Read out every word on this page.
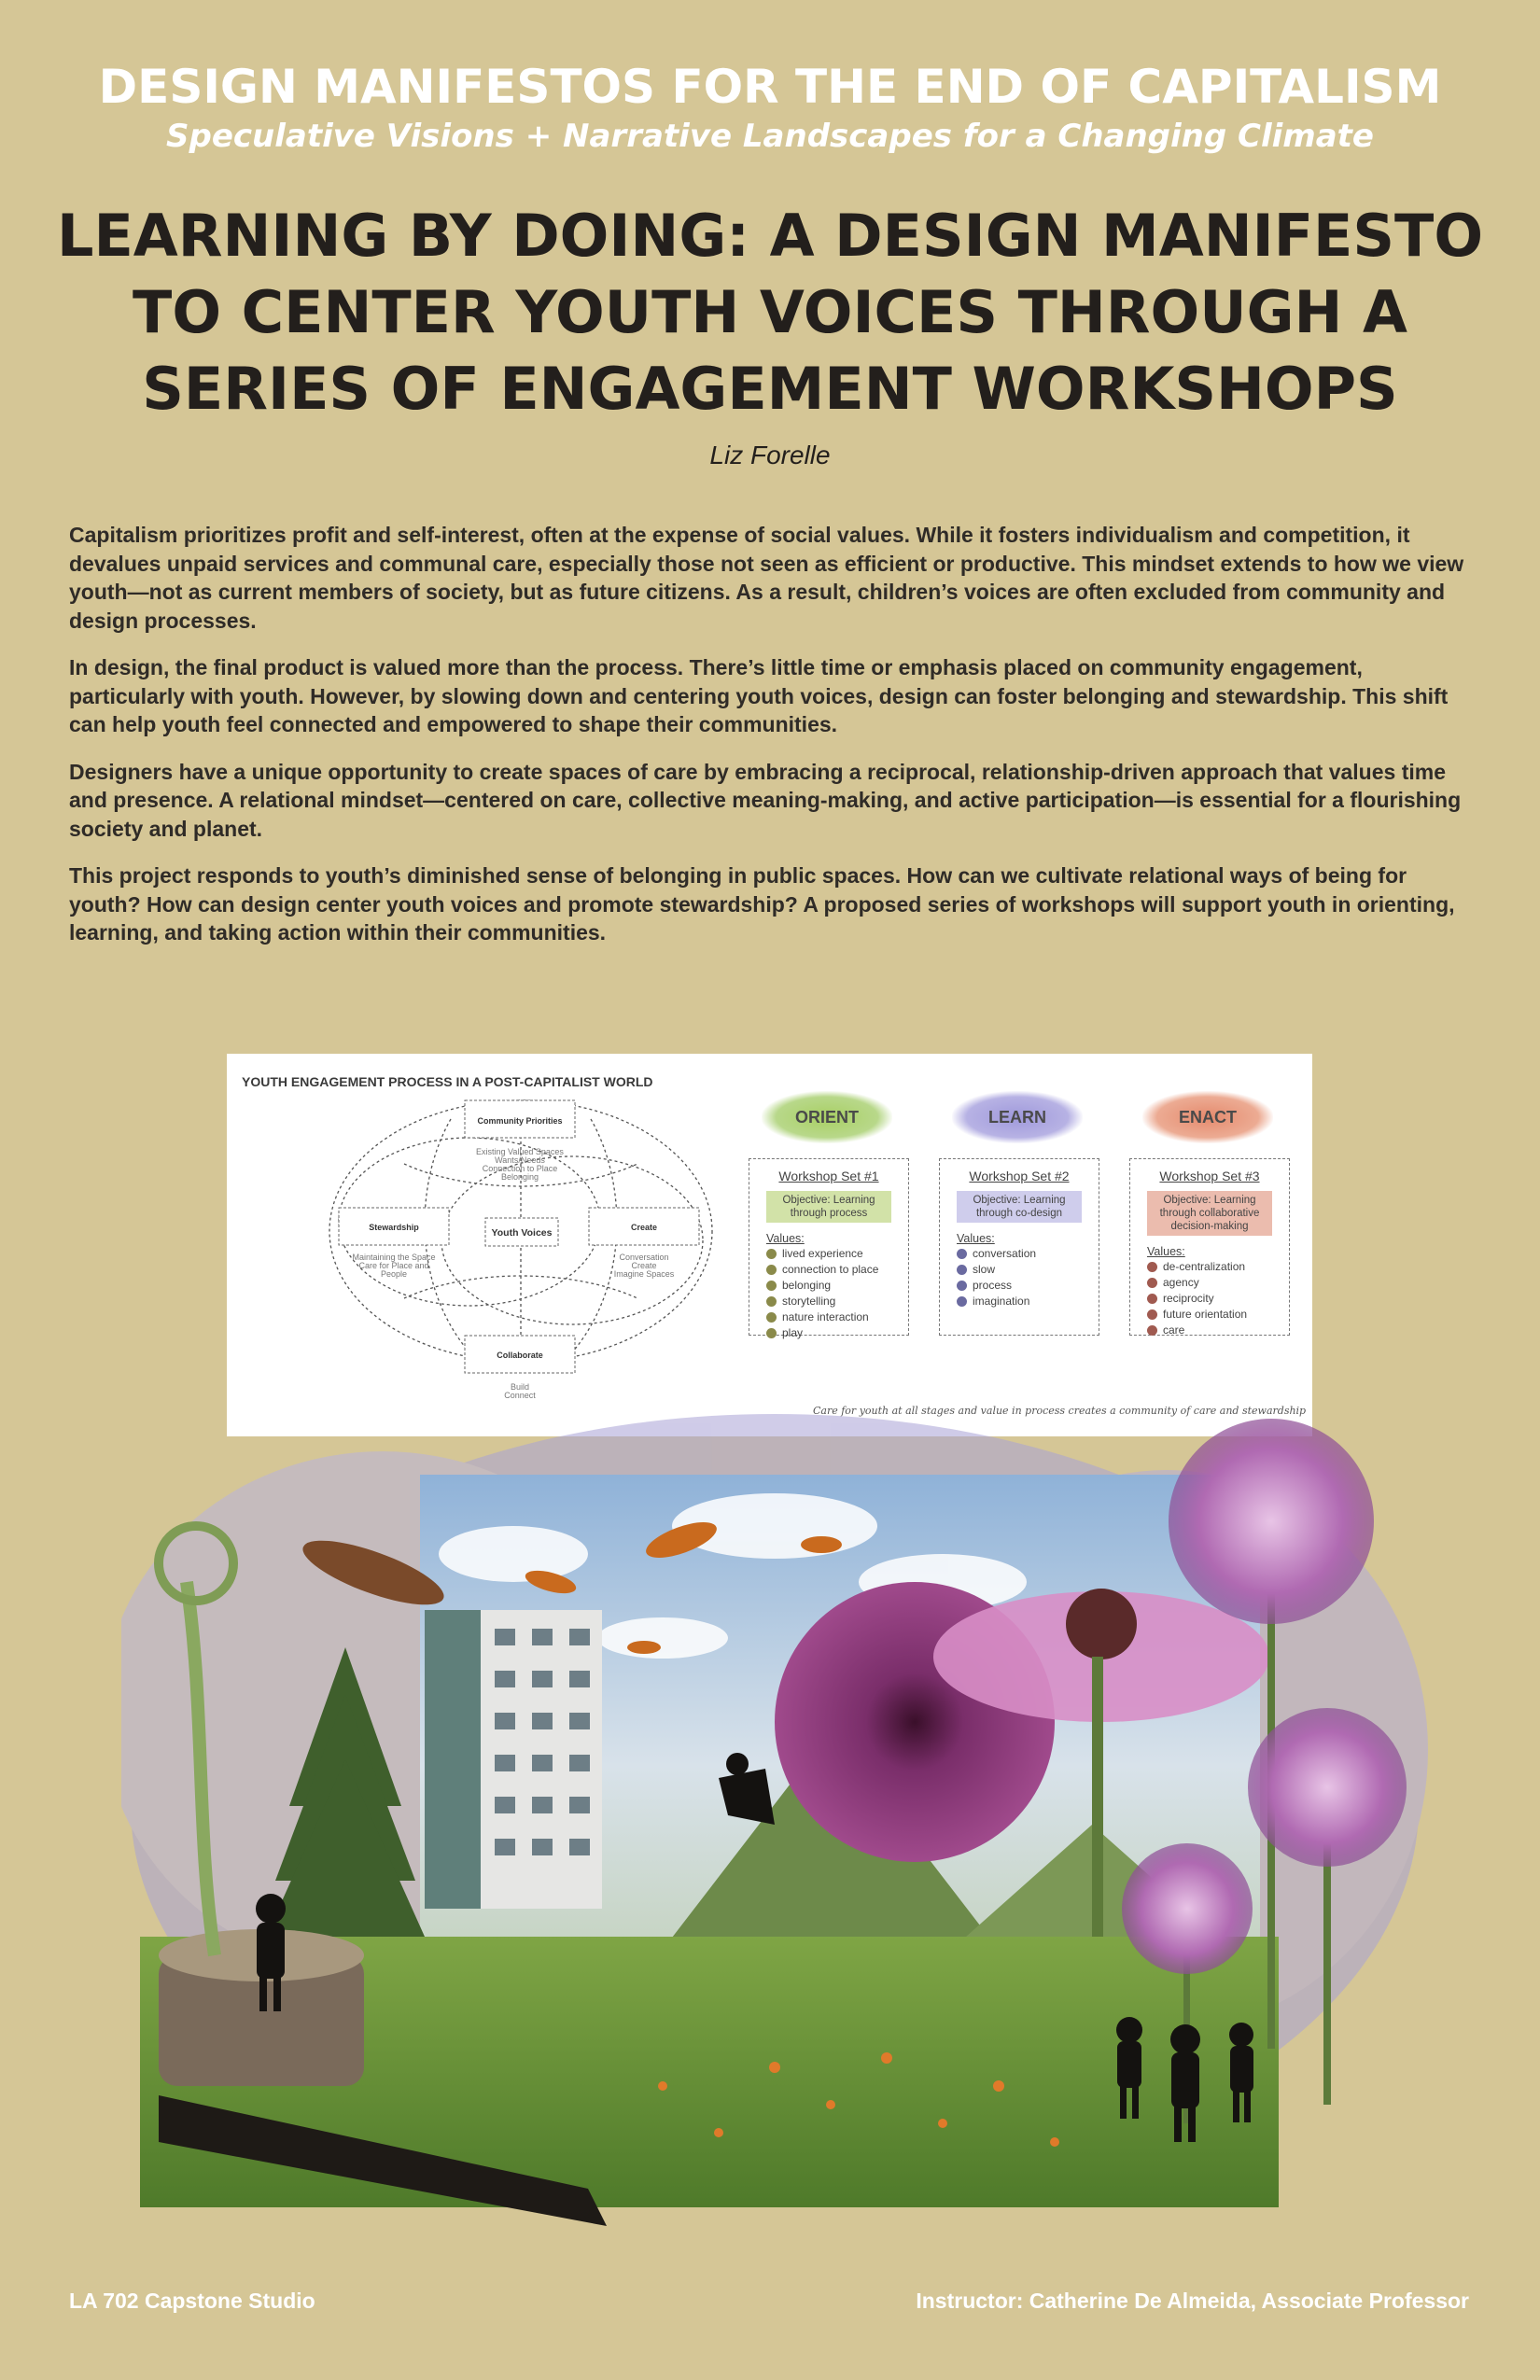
DESIGN MANIFESTOS FOR THE END OF CAPITALISM
Speculative Visions + Narrative Landscapes for a Changing Climate
LEARNING BY DOING: A DESIGN MANIFESTO
TO CENTER YOUTH VOICES THROUGH A
SERIES OF ENGAGEMENT WORKSHOPS
Liz Forelle

Capitalism prioritizes profit and self-interest, often at the expense of social values. While it fosters individualism and competition, it devalues unpaid services and communal care, especially those not seen as efficient or productive. This mindset extends to how we view youth—not as current members of society, but as future citizens. As a result, children’s voices are often excluded from community and design processes.

In design, the final product is valued more than the process. There’s little time or emphasis placed on community engagement, particularly with youth. However, by slowing down and centering youth voices, design can foster belonging and stewardship. This shift can help youth feel connected and empowered to shape their communities.

Designers have a unique opportunity to create spaces of care by embracing a reciprocal, relationship-driven approach that values time and presence. A relational mindset—centered on care, collective meaning-making, and active participation—is essential for a flourishing society and planet.

This project responds to youth’s diminished sense of belonging in public spaces. How can we cultivate relational ways of being for youth? How can design center youth voices and promote stewardship? A proposed series of workshops will support youth in orienting, learning, and taking action within their communities.

Community Priorities
Existing Valued Spaces
Wants/Needs
Connection to Place
Belonging
Stewardship
Maintaining the Space
Care for Place and
People
Youth Voices	Create
Conversation
Create
Imagine Spaces
Collaborate
Build
Connect
YOUTH ENGAGEMENT PROCESS IN A POST-CAPITALIST WORLD
ORIENT	LEARN	ENACT
Workshop Set #1
Objective: Learning through process
Values:
lived experience
connection to place
belonging
storytelling
nature interaction
play
Workshop Set #2
Objective: Learning through co-design
Values:
conversation
slow
process
imagination
Workshop Set #3
Objective: Learning through collaborative decision-making
Values:
de-centralization
agency
reciprocity
future orientation
care
Care for youth at all stages and value in process creates a community of care and stewardship
LA 702 Capstone Studio	Instructor: Catherine De Almeida, Associate Professor
